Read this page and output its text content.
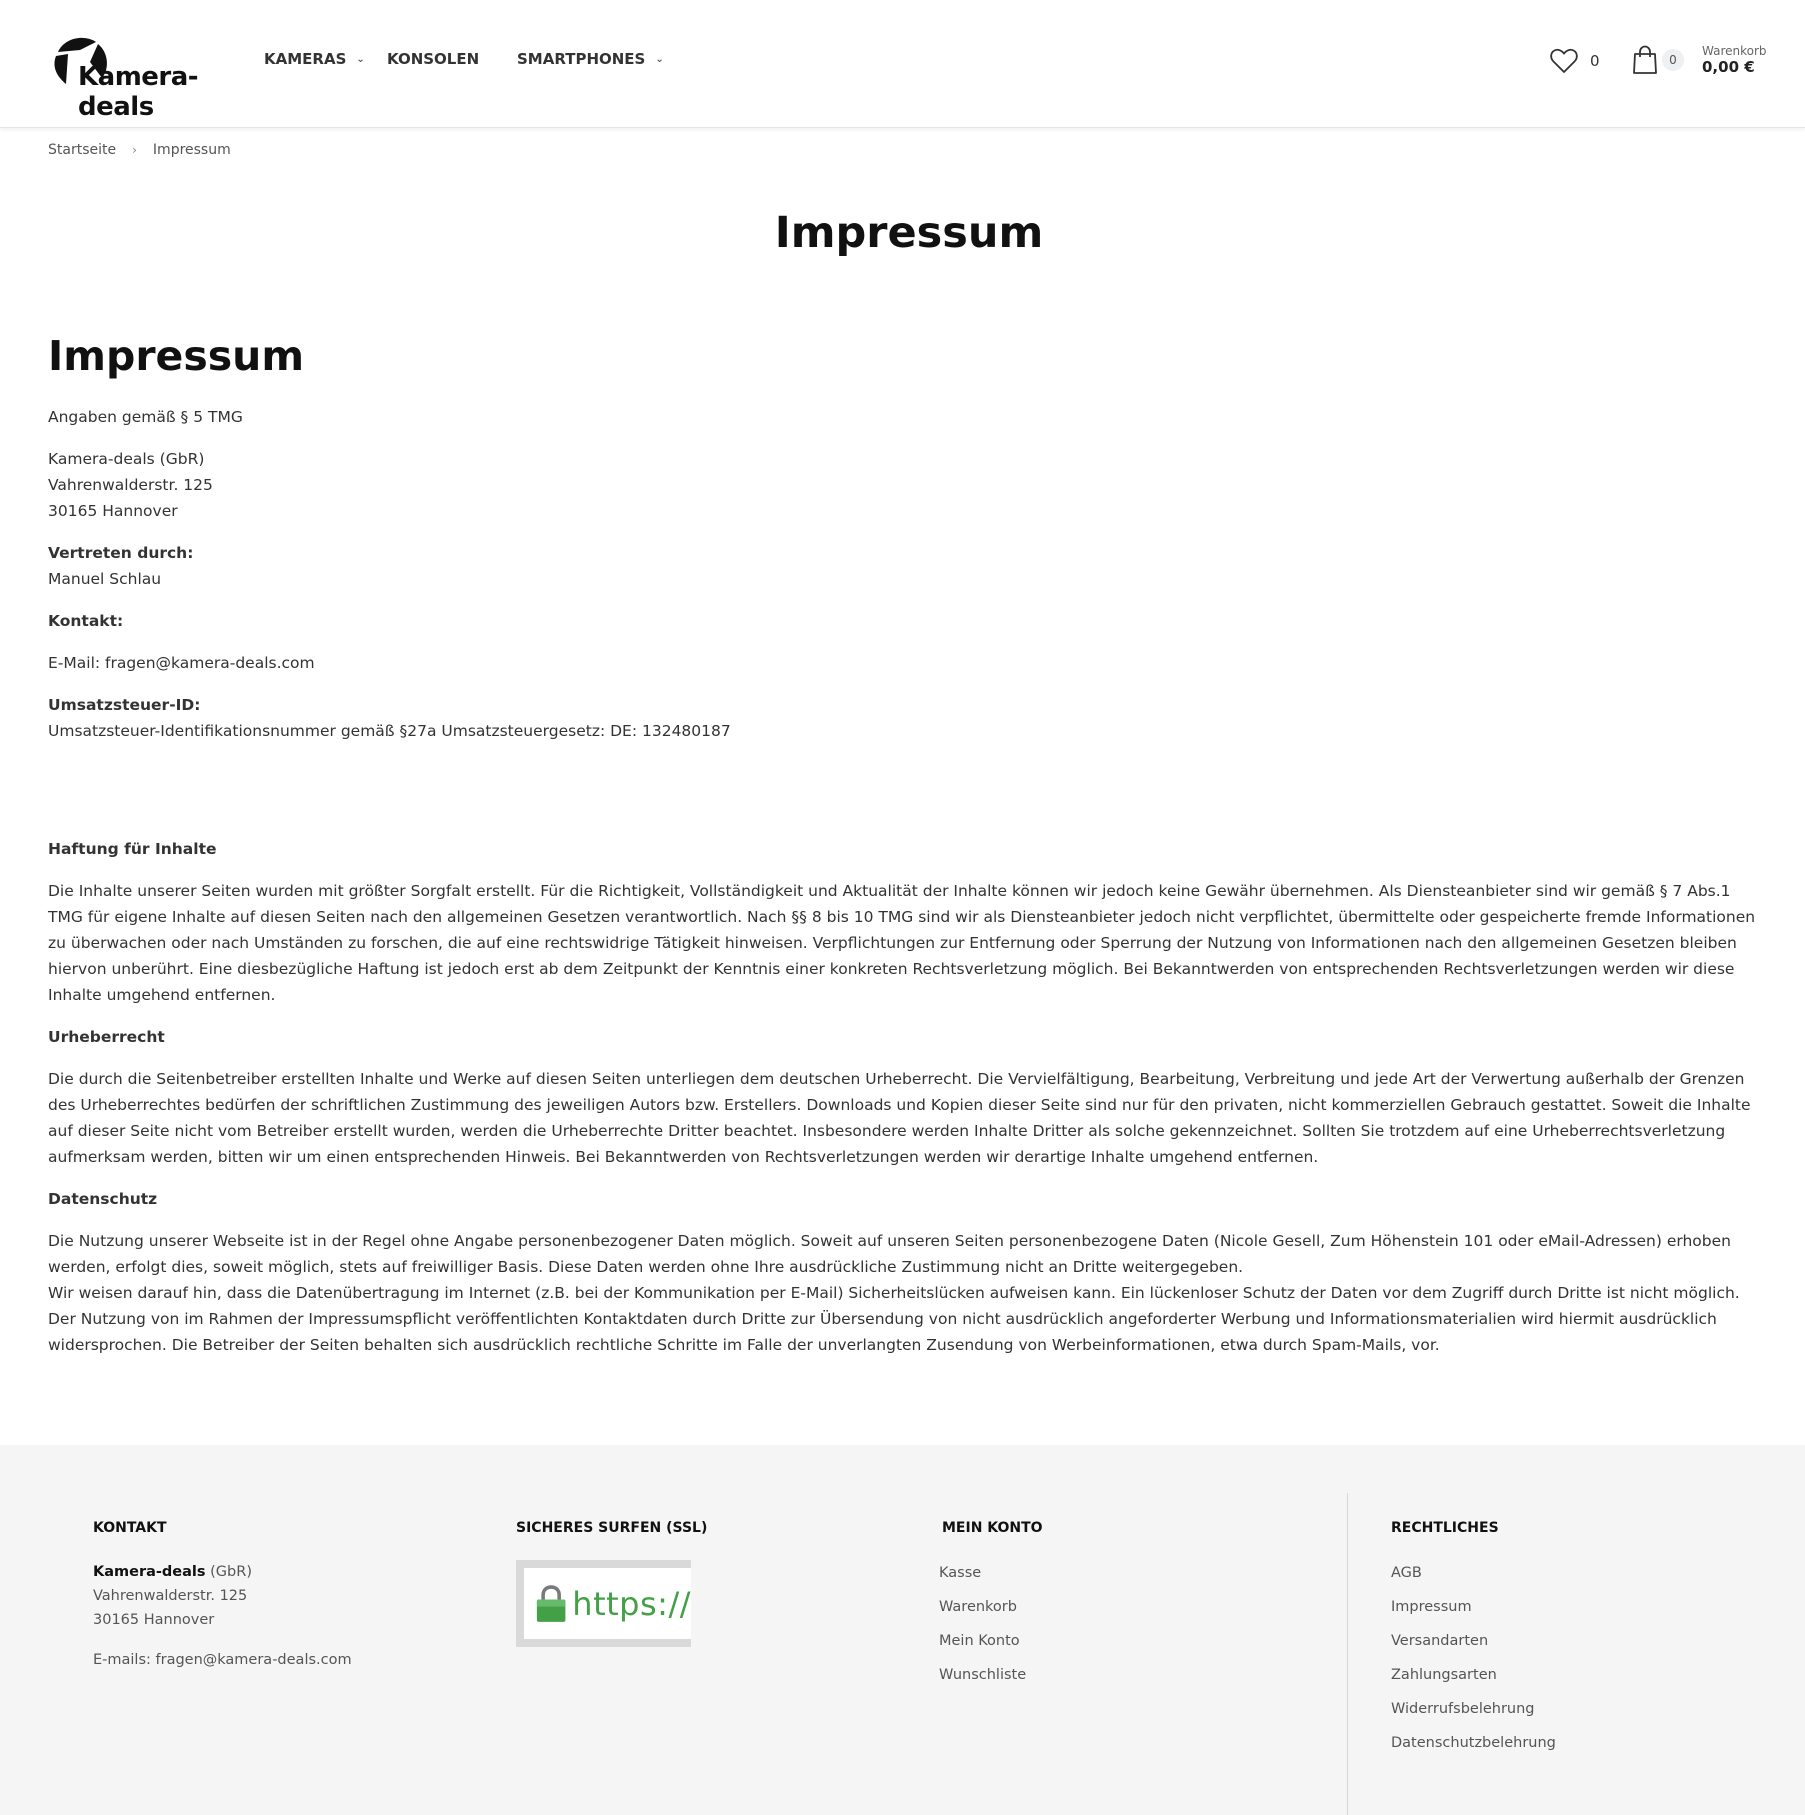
Kamera-deals
KAMERAS ⌄ KONSOLEN	SMARTPHONES ⌄	0	0
Warenkorb
0,00 €
Startseite › Impressum
Impressum
Impressum

Angaben gemäß § 5 TMG

Kamera-deals (GbR)
Vahrenwalderstr. 125
30165 Hannover

Vertreten durch:
Manuel Schlau

Kontakt:

E-Mail: fragen@kamera-deals.com

Umsatzsteuer-ID:
Umsatzsteuer-Identifikationsnummer gemäß §27a Umsatzsteuergesetz: DE: 132480187

Haftung für Inhalte

Die Inhalte unserer Seiten wurden mit größter Sorgfalt erstellt. Für die Richtigkeit, Vollständigkeit und Aktualität der Inhalte können wir jedoch keine Gewähr übernehmen. Als Diensteanbieter sind wir gemäß § 7 Abs.1 TMG für eigene Inhalte auf diesen Seiten nach den allgemeinen Gesetzen verantwortlich. Nach §§ 8 bis 10 TMG sind wir als Diensteanbieter jedoch nicht verpflichtet, übermittelte oder gespeicherte fremde Informationen zu überwachen oder nach Umständen zu forschen, die auf eine rechtswidrige Tätigkeit hinweisen. Verpflichtungen zur Entfernung oder Sperrung der Nutzung von Informationen nach den allgemeinen Gesetzen bleiben hiervon unberührt. Eine diesbezügliche Haftung ist jedoch erst ab dem Zeitpunkt der Kenntnis einer konkreten Rechtsverletzung möglich. Bei Bekanntwerden von entsprechenden Rechtsverletzungen werden wir diese Inhalte umgehend entfernen.

Urheberrecht

Die durch die Seitenbetreiber erstellten Inhalte und Werke auf diesen Seiten unterliegen dem deutschen Urheberrecht. Die Vervielfältigung, Bearbeitung, Verbreitung und jede Art der Verwertung außerhalb der Grenzen des Urheberrechtes bedürfen der schriftlichen Zustimmung des jeweiligen Autors bzw. Erstellers. Downloads und Kopien dieser Seite sind nur für den privaten, nicht kommerziellen Gebrauch gestattet. Soweit die Inhalte auf dieser Seite nicht vom Betreiber erstellt wurden, werden die Urheberrechte Dritter beachtet. Insbesondere werden Inhalte Dritter als solche gekennzeichnet. Sollten Sie trotzdem auf eine Urheberrechtsverletzung aufmerksam werden, bitten wir um einen entsprechenden Hinweis. Bei Bekanntwerden von Rechtsverletzungen werden wir derartige Inhalte umgehend entfernen.

Datenschutz

Die Nutzung unserer Webseite ist in der Regel ohne Angabe personenbezogener Daten möglich. Soweit auf unseren Seiten personenbezogene Daten (Nicole Gesell, Zum Höhenstein 101 oder eMail-Adressen) erhoben werden, erfolgt dies, soweit möglich, stets auf freiwilliger Basis. Diese Daten werden ohne Ihre ausdrückliche Zustimmung nicht an Dritte weitergegeben.
Wir weisen darauf hin, dass die Datenübertragung im Internet (z.B. bei der Kommunikation per E-Mail) Sicherheitslücken aufweisen kann. Ein lückenloser Schutz der Daten vor dem Zugriff durch Dritte ist nicht möglich.
Der Nutzung von im Rahmen der Impressumspflicht veröffentlichten Kontaktdaten durch Dritte zur Übersendung von nicht ausdrücklich angeforderter Werbung und Informationsmaterialien wird hiermit ausdrücklich widersprochen. Die Betreiber der Seiten behalten sich ausdrücklich rechtliche Schritte im Falle der unverlangten Zusendung von Werbeinformationen, etwa durch Spam-Mails, vor.

KONTAKT
Kamera-deals (GbR)
Vahrenwalderstr. 125
30165 Hannover
E-mails: fragen@kamera-deals.com
SICHERES SURFEN (SSL)
https://
MEIN KONTO
Kasse
Warenkorb
Mein Konto
Wunschliste
RECHTLICHES
AGB
Impressum
Versandarten
Zahlungsarten
Widerrufsbelehrung
Datenschutzbelehrung
